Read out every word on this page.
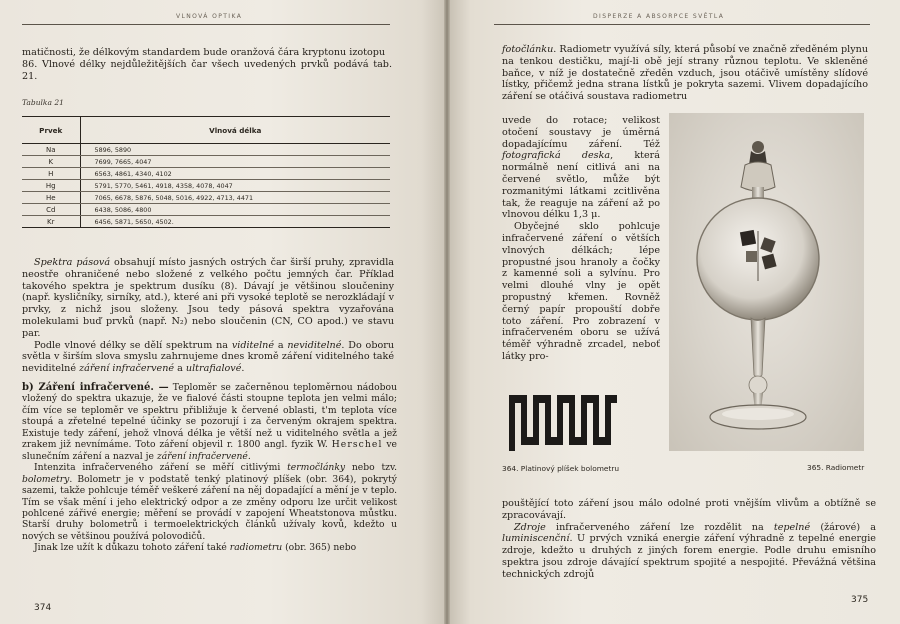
VLNOVÁ OPTIKA

matičnosti, že délkovým standardem bude oranžová čára kryptonu izotopu

86. Vlnové délky nejdůležitějších čar všech uvedených prvků podává tab. 21.

Tabulka 21
Prvek	Vlnová délka
Na	5896, 5890
K	7699, 7665, 4047
H	6563, 4861, 4340, 4102
Hg	5791, 5770, 5461, 4918, 4358, 4078, 4047
He	7065, 6678, 5876, 5048, 5016, 4922, 4713, 4471
Cd	6438, 5086, 4800
Kr	6456, 5871, 5650, 4502.

Spektra pásová obsahují místo jasných ostrých čar širší pruhy, zpravidla neostře ohraničené nebo složené z velkého počtu jemných čar. Příklad takového spektra je spektrum dusíku (8). Dávají je většinou sloučeniny (např. kysličníky, sirníky, atd.), které ani při vysoké teplotě se nerozkládají v prvky, z nichž jsou složeny. Jsou tedy pásová spektra vyzařována molekulami buď prvků (např. N₂) nebo sloučenin (CN, CO apod.) ve stavu par.

Podle vlnové délky se dělí spektrum na viditelné a neviditelné. Do oboru světla v širším slova smyslu zahrnujeme dnes kromě záření viditelného také neviditelné záření infračervené a ultrafialové.

b) Záření infračervené. — Teploměr se začerněnou teploměrnou nádobou vložený do spektra ukazuje, že ve fialové části stoupne teplota jen velmi málo; čím více se teploměr ve spektru přibližuje k červené oblasti, t'm teplota více stoupá a zřetelné tepelné účinky se pozorují i za červeným okrajem spektra. Existuje tedy záření, jehož vlnová délka je větší než u viditelného světla a jež zrakem již nevnímáme. Toto záření objevil r. 1800 angl. fyzik W. Herschel ve slunečním záření a nazval je záření infračervené.

Intenzita infračerveného záření se měří citlivými termočlánky nebo tzv. bolometry. Bolometr je v podstatě tenký platinový plíšek (obr. 364), pokrytý sazemi, takže pohlcuje téměř veškeré záření na něj dopadající a mění je v teplo. Tím se však mění i jeho elektrický odpor a ze změny odporu lze určit velikost pohlcené zářivé energie; měření se provádí v zapojení Wheatstonova můstku. Starší druhy bolometrů i termoelektrických článků užívaly kovů, kdežto u nových se většinou používá polovodičů.

Jinak lze užít k důkazu tohoto záření také radiometru (obr. 365) nebo

374
DISPERZE A ABSORPCE SVĚTLA

fotočlánku. Radiometr využívá síly, která působí ve značně zředěném plynu na tenkou destičku, mají-li obě její strany různou teplotu. Ve skleněné baňce, v níž je dostatečně zředěn vzduch, jsou otáčivě umístěny slídové lístky, přičemž jedna strana lístků je pokryta sazemi. Vlivem dopadajícího záření se otáčivá soustava radiometru

uvede do rotace; velikost otočení soustavy je úměrná dopadajícímu záření. Též fotografická deska, která normálně není citlivá ani na červené světlo, může být rozmanitými látkami zcitlivěna tak, že reaguje na záření až po vlnovou délku 1,3 μ.

Obyčejné sklo pohlcuje infračervené záření o větších vlnových délkách; lépe propustné jsou hranoly a čočky z kamenné soli a sylvínu. Pro velmi dlouhé vlny je opět propustný křemen. Rovněž černý papír propouští dobře toto záření. Pro zobrazení v infračerveném oboru se užívá téměř výhradně zrcadel, neboť látky pro-

364. Platinový plíšek bolometru	365. Radiometr

pouštějící toto záření jsou málo odolné proti vnějším vlivům a obtížně se zpracovávají.

Zdroje infračerveného záření lze rozdělit na tepelné (žárové) a luminiscenční. U prvých vzniká energie záření výhradně z tepelné energie zdroje, kdežto u druhých z jiných forem energie. Podle druhu emisního spektra jsou zdroje dávající spektrum spojité a nespojité. Převážná většina technických zdrojů

375
